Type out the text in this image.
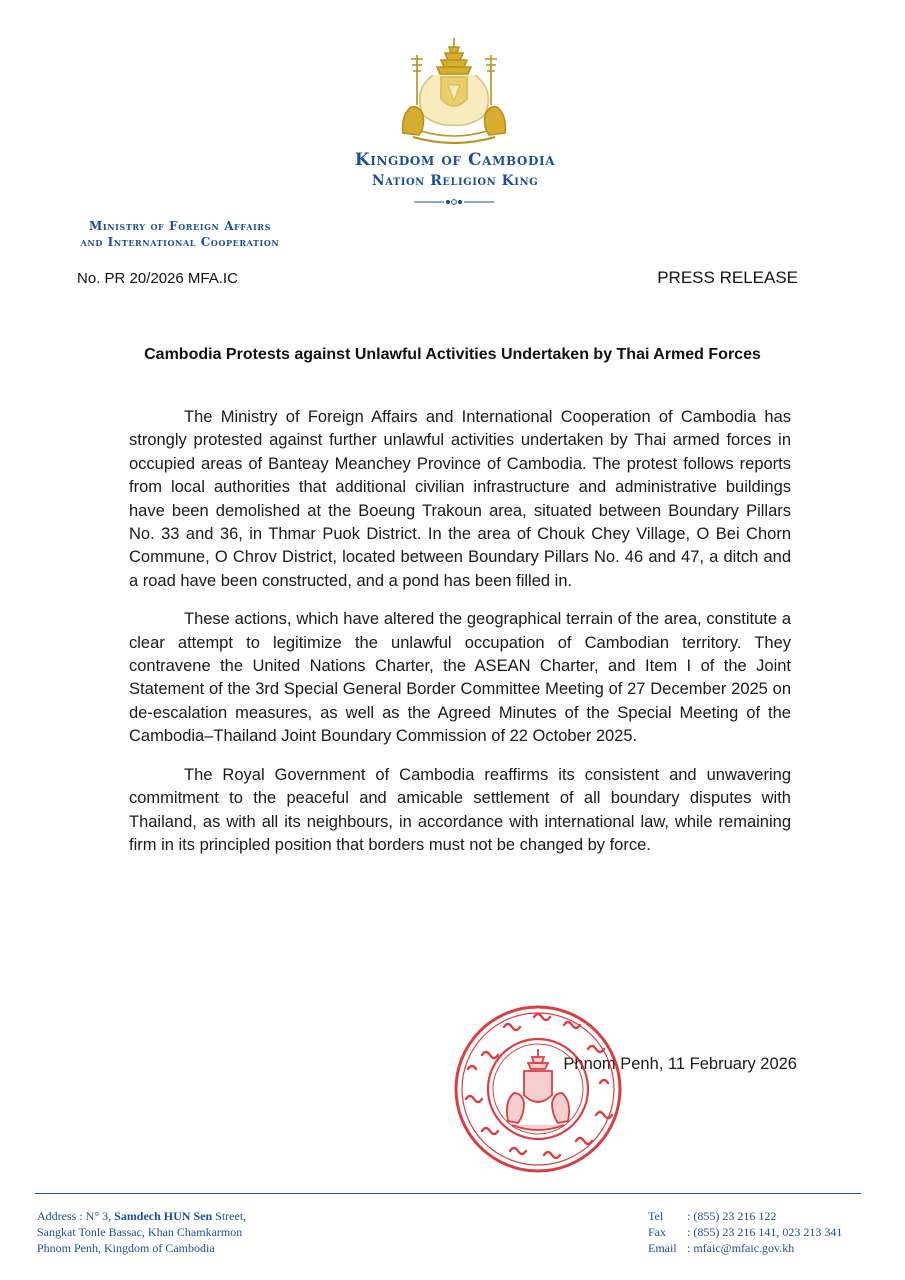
Kingdom of Cambodia
Nation Religion King
Ministry of Foreign Affairs
and International Cooperation
No. PR 20/2026 MFA.IC	PRESS RELEASE
Cambodia Protests against Unlawful Activities Undertaken by Thai Armed Forces

The Ministry of Foreign Affairs and International Cooperation of Cambodia has strongly protested against further unlawful activities undertaken by Thai armed forces in occupied areas of Banteay Meanchey Province of Cambodia. The protest follows reports from local authorities that additional civilian infrastructure and administrative buildings have been demolished at the Boeung Trakoun area, situated between Boundary Pillars No. 33 and 36, in Thmar Puok District. In the area of Chouk Chey Village, O Bei Chorn Commune, O Chrov District, located between Boundary Pillars No. 46 and 47, a ditch and a road have been constructed, and a pond has been filled in.

These actions, which have altered the geographical terrain of the area, constitute a clear attempt to legitimize the unlawful occupation of Cambodian territory. They contravene the United Nations Charter, the ASEAN Charter, and Item I of the Joint Statement of the 3rd Special General Border Committee Meeting of 27 December 2025 on de-escalation measures, as well as the Agreed Minutes of the Special Meeting of the Cambodia–Thailand Joint Boundary Commission of 22 October 2025.

The Royal Government of Cambodia reaffirms its consistent and unwavering commitment to the peaceful and amicable settlement of all boundary disputes with Thailand, as with all its neighbours, in accordance with international law, while remaining firm in its principled position that borders must not be changed by force.

Phnom Penh, 11 February 2026
Address : N° 3, Samdech HUN Sen Street,
Sangkat Tonle Bassac, Khan Chamkarmon
Phnom Penh, Kingdom of Cambodia
Tel : (855) 23 216 122
Fax : (855) 23 216 141, 023 213 341
Email : mfaic@mfaic.gov.kh
